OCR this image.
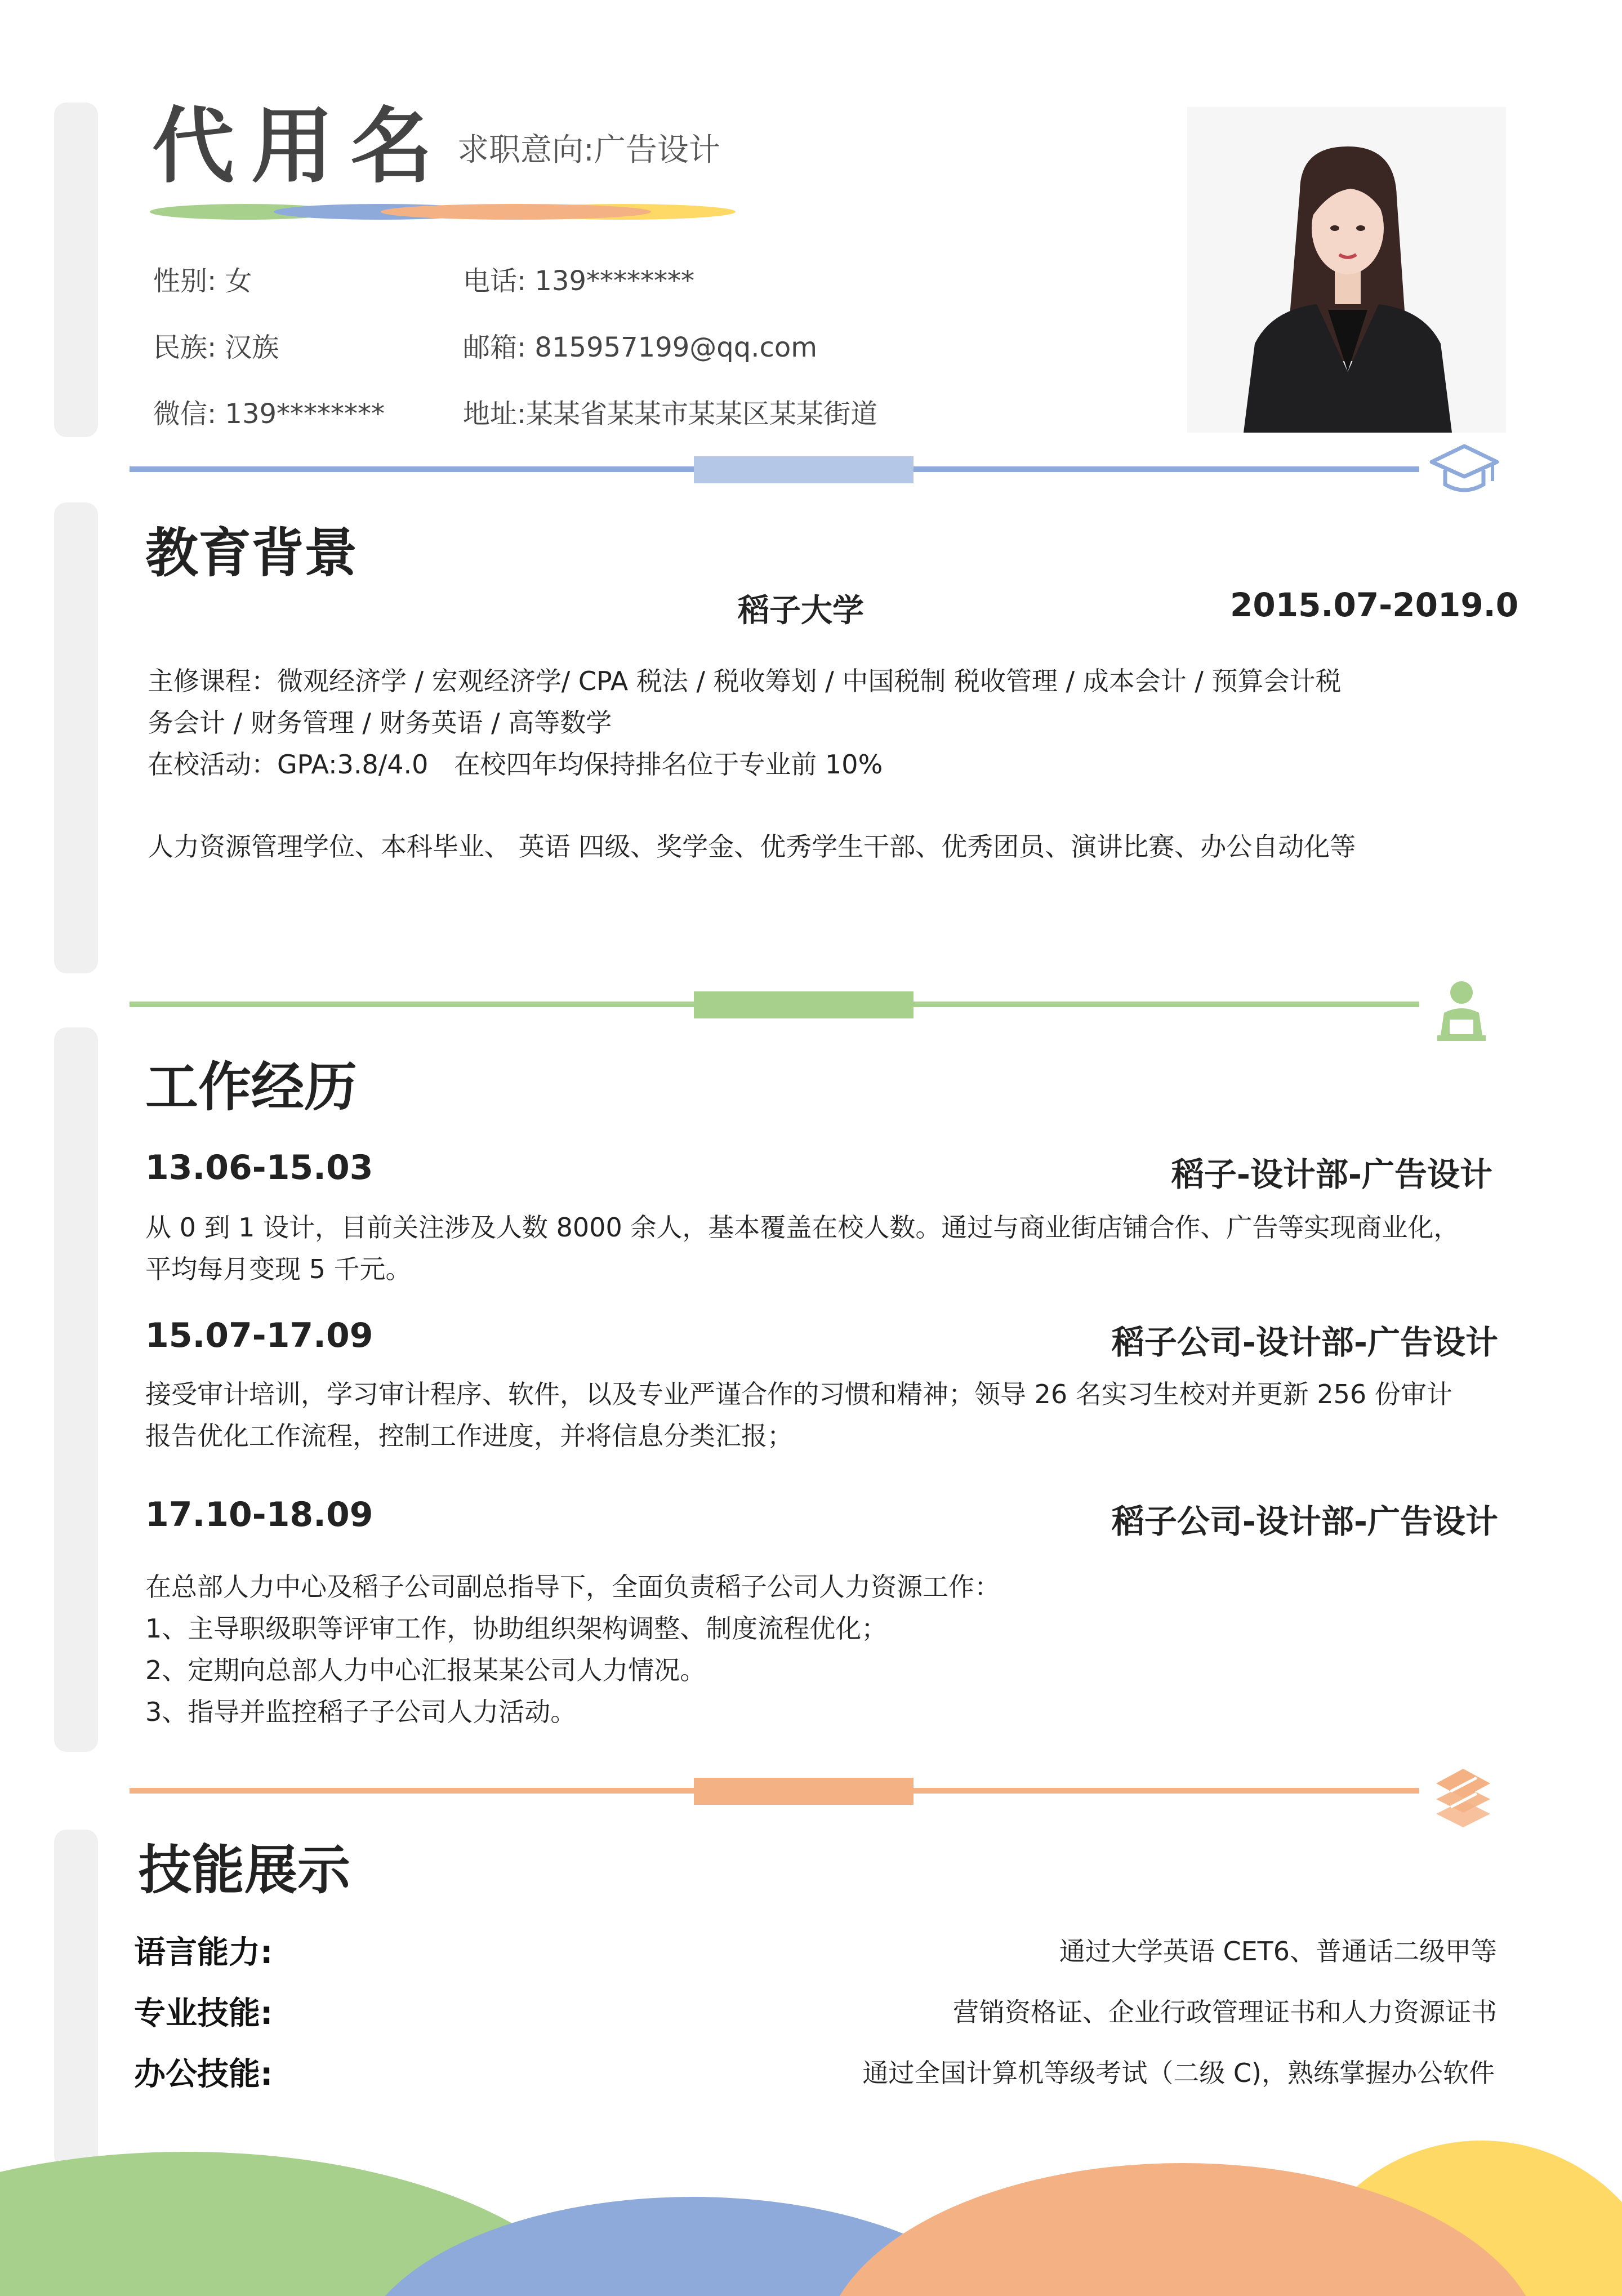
代用名 求职意向:广告设计
性别: 女	电话: 139********
民族: 汉族	邮箱: 815957199@qq.com
微信: 139********	地址:某某省某某市某某区某某街道
教育背景
稻子大学	2015.07-2019.0
主修课程：微观经济学 / 宏观经济学/ CPA 税法 / 税收筹划 / 中国税制 税收管理 / 成本会计 / 预算会计税
务会计 / 财务管理 / 财务英语 / 高等数学
在校活动：GPA:3.8/4.0　在校四年均保持排名位于专业前 10%
人力资源管理学位、本科毕业、 英语 四级、奖学金、优秀学生干部、优秀团员、演讲比赛、办公自动化等
工作经历
13.06-15.03	稻子-设计部-广告设计
从 0 到 1 设计，目前关注涉及人数 8000 余人，基本覆盖在校人数。通过与商业街店铺合作、广告等实现商业化，
平均每月变现 5 千元。
15.07-17.09	稻子公司-设计部-广告设计
接受审计培训，学习审计程序、软件，以及专业严谨合作的习惯和精神；领导 26 名实习生校对并更新 256 份审计
报告优化工作流程，控制工作进度，并将信息分类汇报；
17.10-18.09	稻子公司-设计部-广告设计
在总部人力中心及稻子公司副总指导下，全面负责稻子公司人力资源工作：
1、主导职级职等评审工作，协助组织架构调整、制度流程优化；
2、定期向总部人力中心汇报某某公司人力情况。
3、指导并监控稻子子公司人力活动。
技能展示
语言能力:	通过大学英语 CET6、普通话二级甲等
专业技能:	营销资格证、企业行政管理证书和人力资源证书
办公技能:	通过全国计算机等级考试（二级 C)，熟练掌握办公软件
